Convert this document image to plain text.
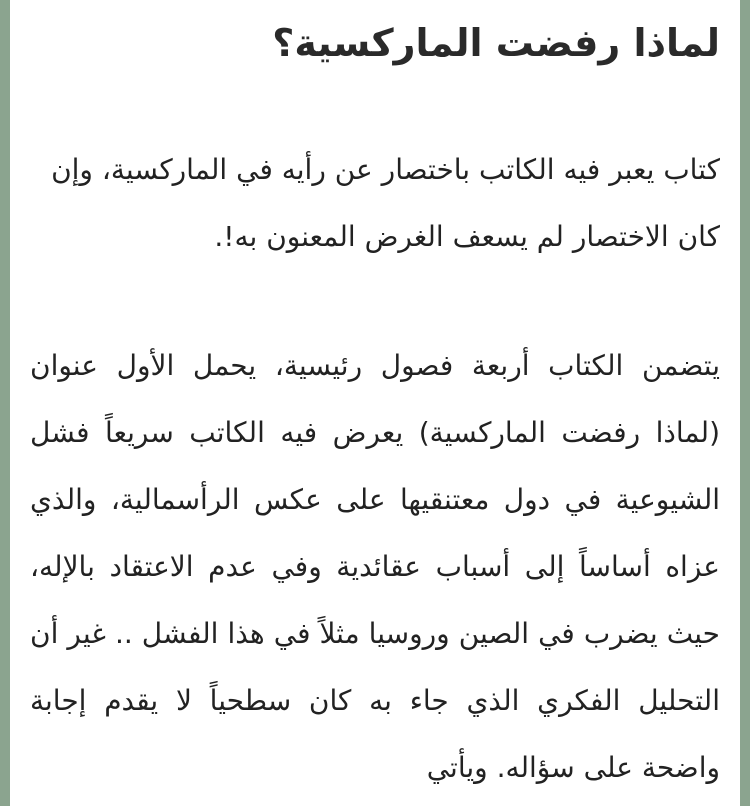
لماذا رفضت الماركسية؟

كتاب يعبر فيه الكاتب باختصار عن رأيه في الماركسية، وإن كان الاختصار لم يسعف الغرض المعنون به!.

يتضمن الكتاب أربعة فصول رئيسية، يحمل الأول عنوان (لماذا رفضت الماركسية) يعرض فيه الكاتب سريعاً فشل الشيوعية في دول معتنقيها على عكس الرأسمالية، والذي عزاه أساساً إلى أسباب عقائدية وفي عدم الاعتقاد بالإله، حيث يضرب في الصين وروسيا مثلاً في هذا الفشل .. غير أن التحليل الفكري الذي جاء به كان سطحياً لا يقدم إجابة واضحة على سؤاله. ويأتي
